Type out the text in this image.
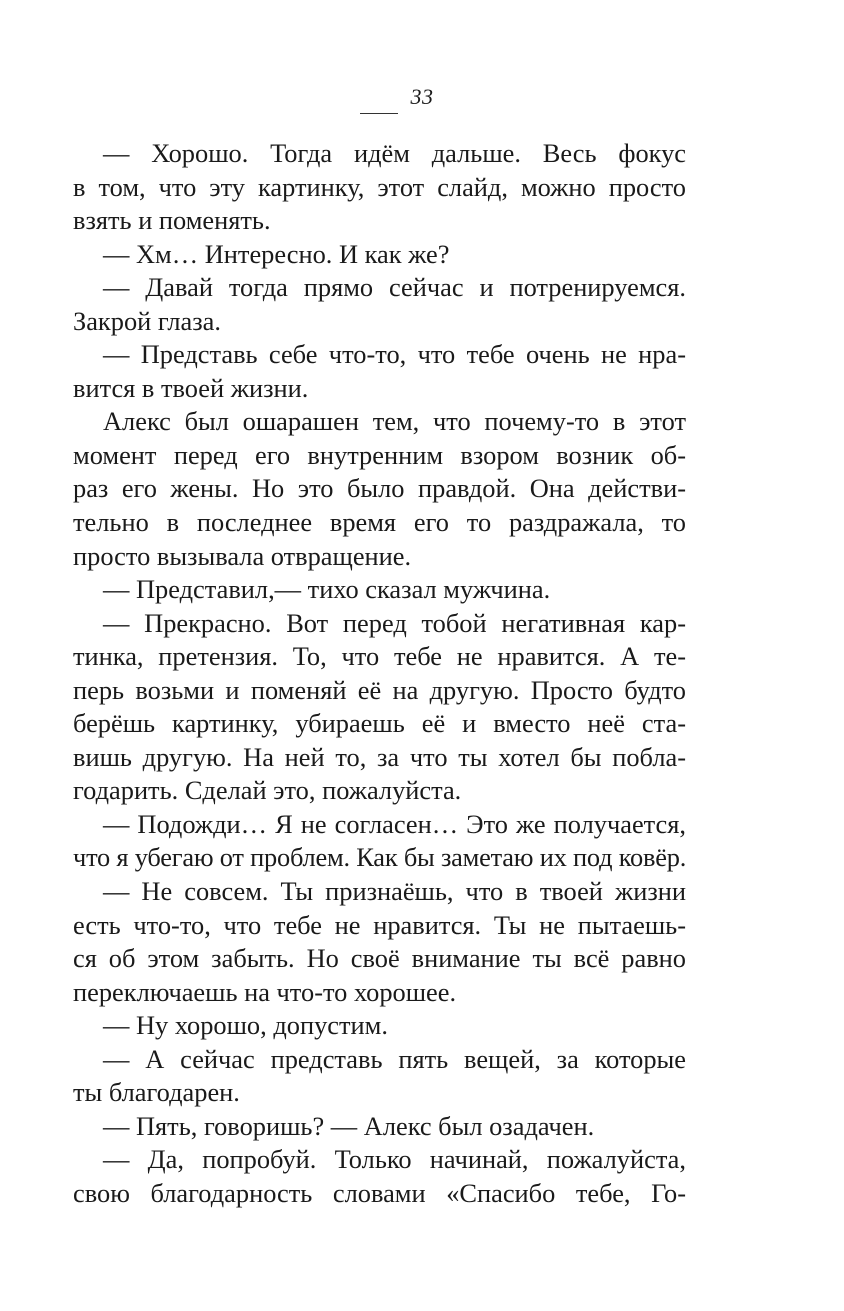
33
— Хорошо. Тогда идём дальше. Весь фокус
в том, что эту картинку, этот слайд, можно просто
взять и поменять.
— Хм… Интересно. И как же?
— Давай тогда прямо сейчас и потренируемся.
Закрой глаза.
— Представь себе что-то, что тебе очень не нра-
вится в твоей жизни.
Алекс был ошарашен тем, что почему-то в этот
момент перед его внутренним взором возник об-
раз его жены. Но это было правдой. Она действи-
тельно в последнее время его то раздражала, то
просто вызывала отвращение.
— Представил,— тихо сказал мужчина.
— Прекрасно. Вот перед тобой негативная кар-
тинка, претензия. То, что тебе не нравится. А те-
перь возьми и поменяй её на другую. Просто будто
берёшь картинку, убираешь её и вместо неё ста-
вишь другую. На ней то, за что ты хотел бы побла-
годарить. Сделай это, пожалуйста.
— Подожди… Я не согласен… Это же получается,
что я убегаю от проблем. Как бы заметаю их под ковёр.
— Не совсем. Ты признаёшь, что в твоей жизни
есть что-то, что тебе не нравится. Ты не пытаешь-
ся об этом забыть. Но своё внимание ты всё равно
переключаешь на что-то хорошее.
— Ну хорошо, допустим.
— А сейчас представь пять вещей, за которые
ты благодарен.
— Пять, говоришь? — Алекс был озадачен.
— Да, попробуй. Только начинай, пожалуйста,
свою благодарность словами «Спасибо тебе, Го-
